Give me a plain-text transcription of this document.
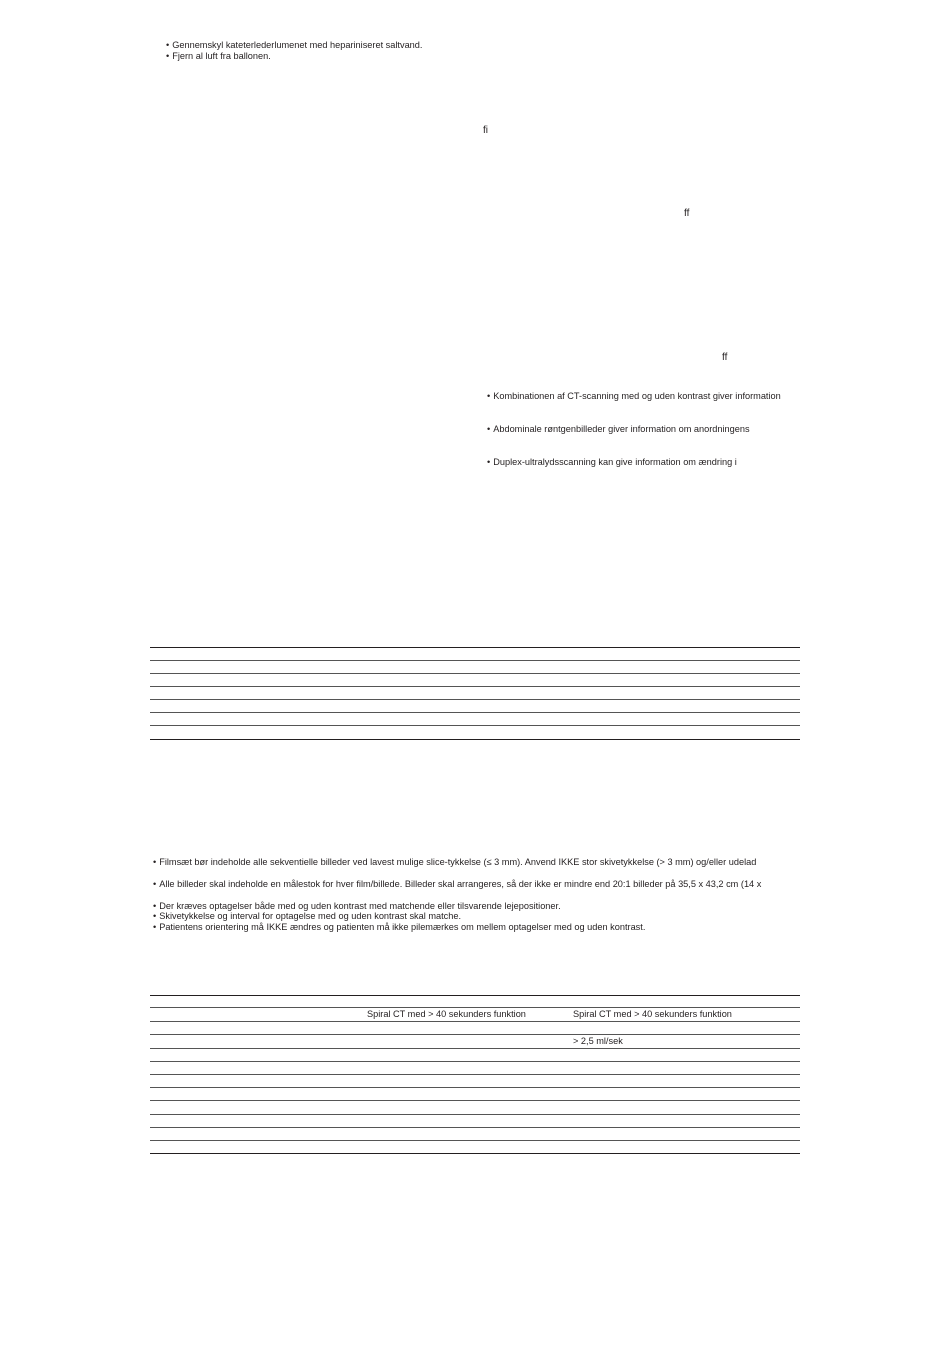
• Gennemskyl kateterlederlumenet med hepariniseret saltvand.
• Fjern al luft fra ballonen.
fi
ff
ff
• Kombinationen af CT-scanning med og uden kontrast giver information
• Abdominale røntgenbilleder giver information om anordningens
• Duplex-ultralydsscanning kan give information om ændring i
• Filmsæt bør indeholde alle sekventielle billeder ved lavest mulige slice-tykkelse (≤ 3 mm). Anvend IKKE stor skivetykkelse (> 3 mm) og/eller udelad
• Alle billeder skal indeholde en målestok for hver film/billede. Billeder skal arrangeres, så der ikke er mindre end 20:1 billeder på 35,5 x 43,2 cm (14 x
• Der kræves optagelser både med og uden kontrast med matchende eller tilsvarende lejepositioner.
• Skivetykkelse og interval for optagelse med og uden kontrast skal matche.
• Patientens orientering må IKKE ændres og patienten må ikke pilemærkes om mellem optagelser med og uden kontrast.
Spiral CT med > 40 sekunders funktion	Spiral CT med > 40 sekunders funktion
> 2,5 ml/sek
